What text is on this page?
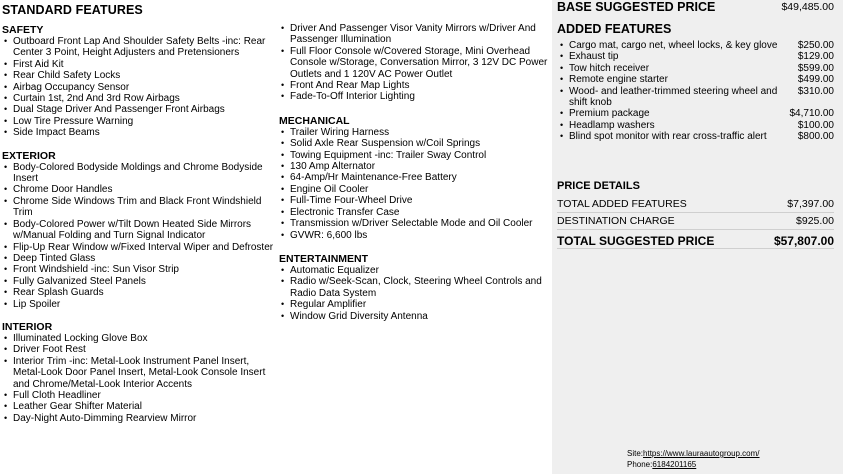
STANDARD FEATURES
SAFETY
• Outboard Front Lap And Shoulder Safety Belts -inc: Rear Center 3 Point, Height Adjusters and Pretensioners
• First Aid Kit
• Rear Child Safety Locks
• Airbag Occupancy Sensor
• Curtain 1st, 2nd And 3rd Row Airbags
• Dual Stage Driver And Passenger Front Airbags
• Low Tire Pressure Warning
• Side Impact Beams
EXTERIOR
• Body-Colored Bodyside Moldings and Chrome Bodyside Insert
• Chrome Door Handles
• Chrome Side Windows Trim and Black Front Windshield Trim
• Body-Colored Power w/Tilt Down Heated Side Mirrors w/Manual Folding and Turn Signal Indicator
• Flip-Up Rear Window w/Fixed Interval Wiper and Defroster
• Deep Tinted Glass
• Front Windshield -inc: Sun Visor Strip
• Fully Galvanized Steel Panels
• Rear Splash Guards
• Lip Spoiler
INTERIOR
• Illuminated Locking Glove Box
• Driver Foot Rest
• Interior Trim -inc: Metal-Look Instrument Panel Insert, Metal-Look Door Panel Insert, Metal-Look Console Insert and Chrome/Metal-Look Interior Accents
• Full Cloth Headliner
• Leather Gear Shifter Material
• Day-Night Auto-Dimming Rearview Mirror
• Driver And Passenger Visor Vanity Mirrors w/Driver And Passenger Illumination
• Full Floor Console w/Covered Storage, Mini Overhead Console w/Storage, Conversation Mirror, 3 12V DC Power Outlets and 1 120V AC Power Outlet
• Front And Rear Map Lights
• Fade-To-Off Interior Lighting
MECHANICAL
• Trailer Wiring Harness
• Solid Axle Rear Suspension w/Coil Springs
• Towing Equipment -inc: Trailer Sway Control
• 130 Amp Alternator
• 64-Amp/Hr Maintenance-Free Battery
• Engine Oil Cooler
• Full-Time Four-Wheel Drive
• Electronic Transfer Case
• Transmission w/Driver Selectable Mode and Oil Cooler
• GVWR: 6,600 lbs
ENTERTAINMENT
• Automatic Equalizer
• Radio w/Seek-Scan, Clock, Steering Wheel Controls and Radio Data System
• Regular Amplifier
• Window Grid Diversity Antenna
BASE SUGGESTED PRICE	$49,485.00
ADDED FEATURES
• Cargo mat, cargo net, wheel locks, & key glove $250.00
• Exhaust tip	$129.00
• Tow hitch receiver	$599.00
• Remote engine starter	$499.00
• Wood- and leather-trimmed steering wheel and shift knob
$310.00
• Premium package	$4,710.00
• Headlamp washers	$100.00
• Blind spot monitor with rear cross-traffic alert	$800.00
PRICE DETAILS
TOTAL ADDED FEATURES	$7,397.00
DESTINATION CHARGE	$925.00
TOTAL SUGGESTED PRICE	$57,807.00
Site:https://www.lauraautogroup.com/
Phone:6184201165
